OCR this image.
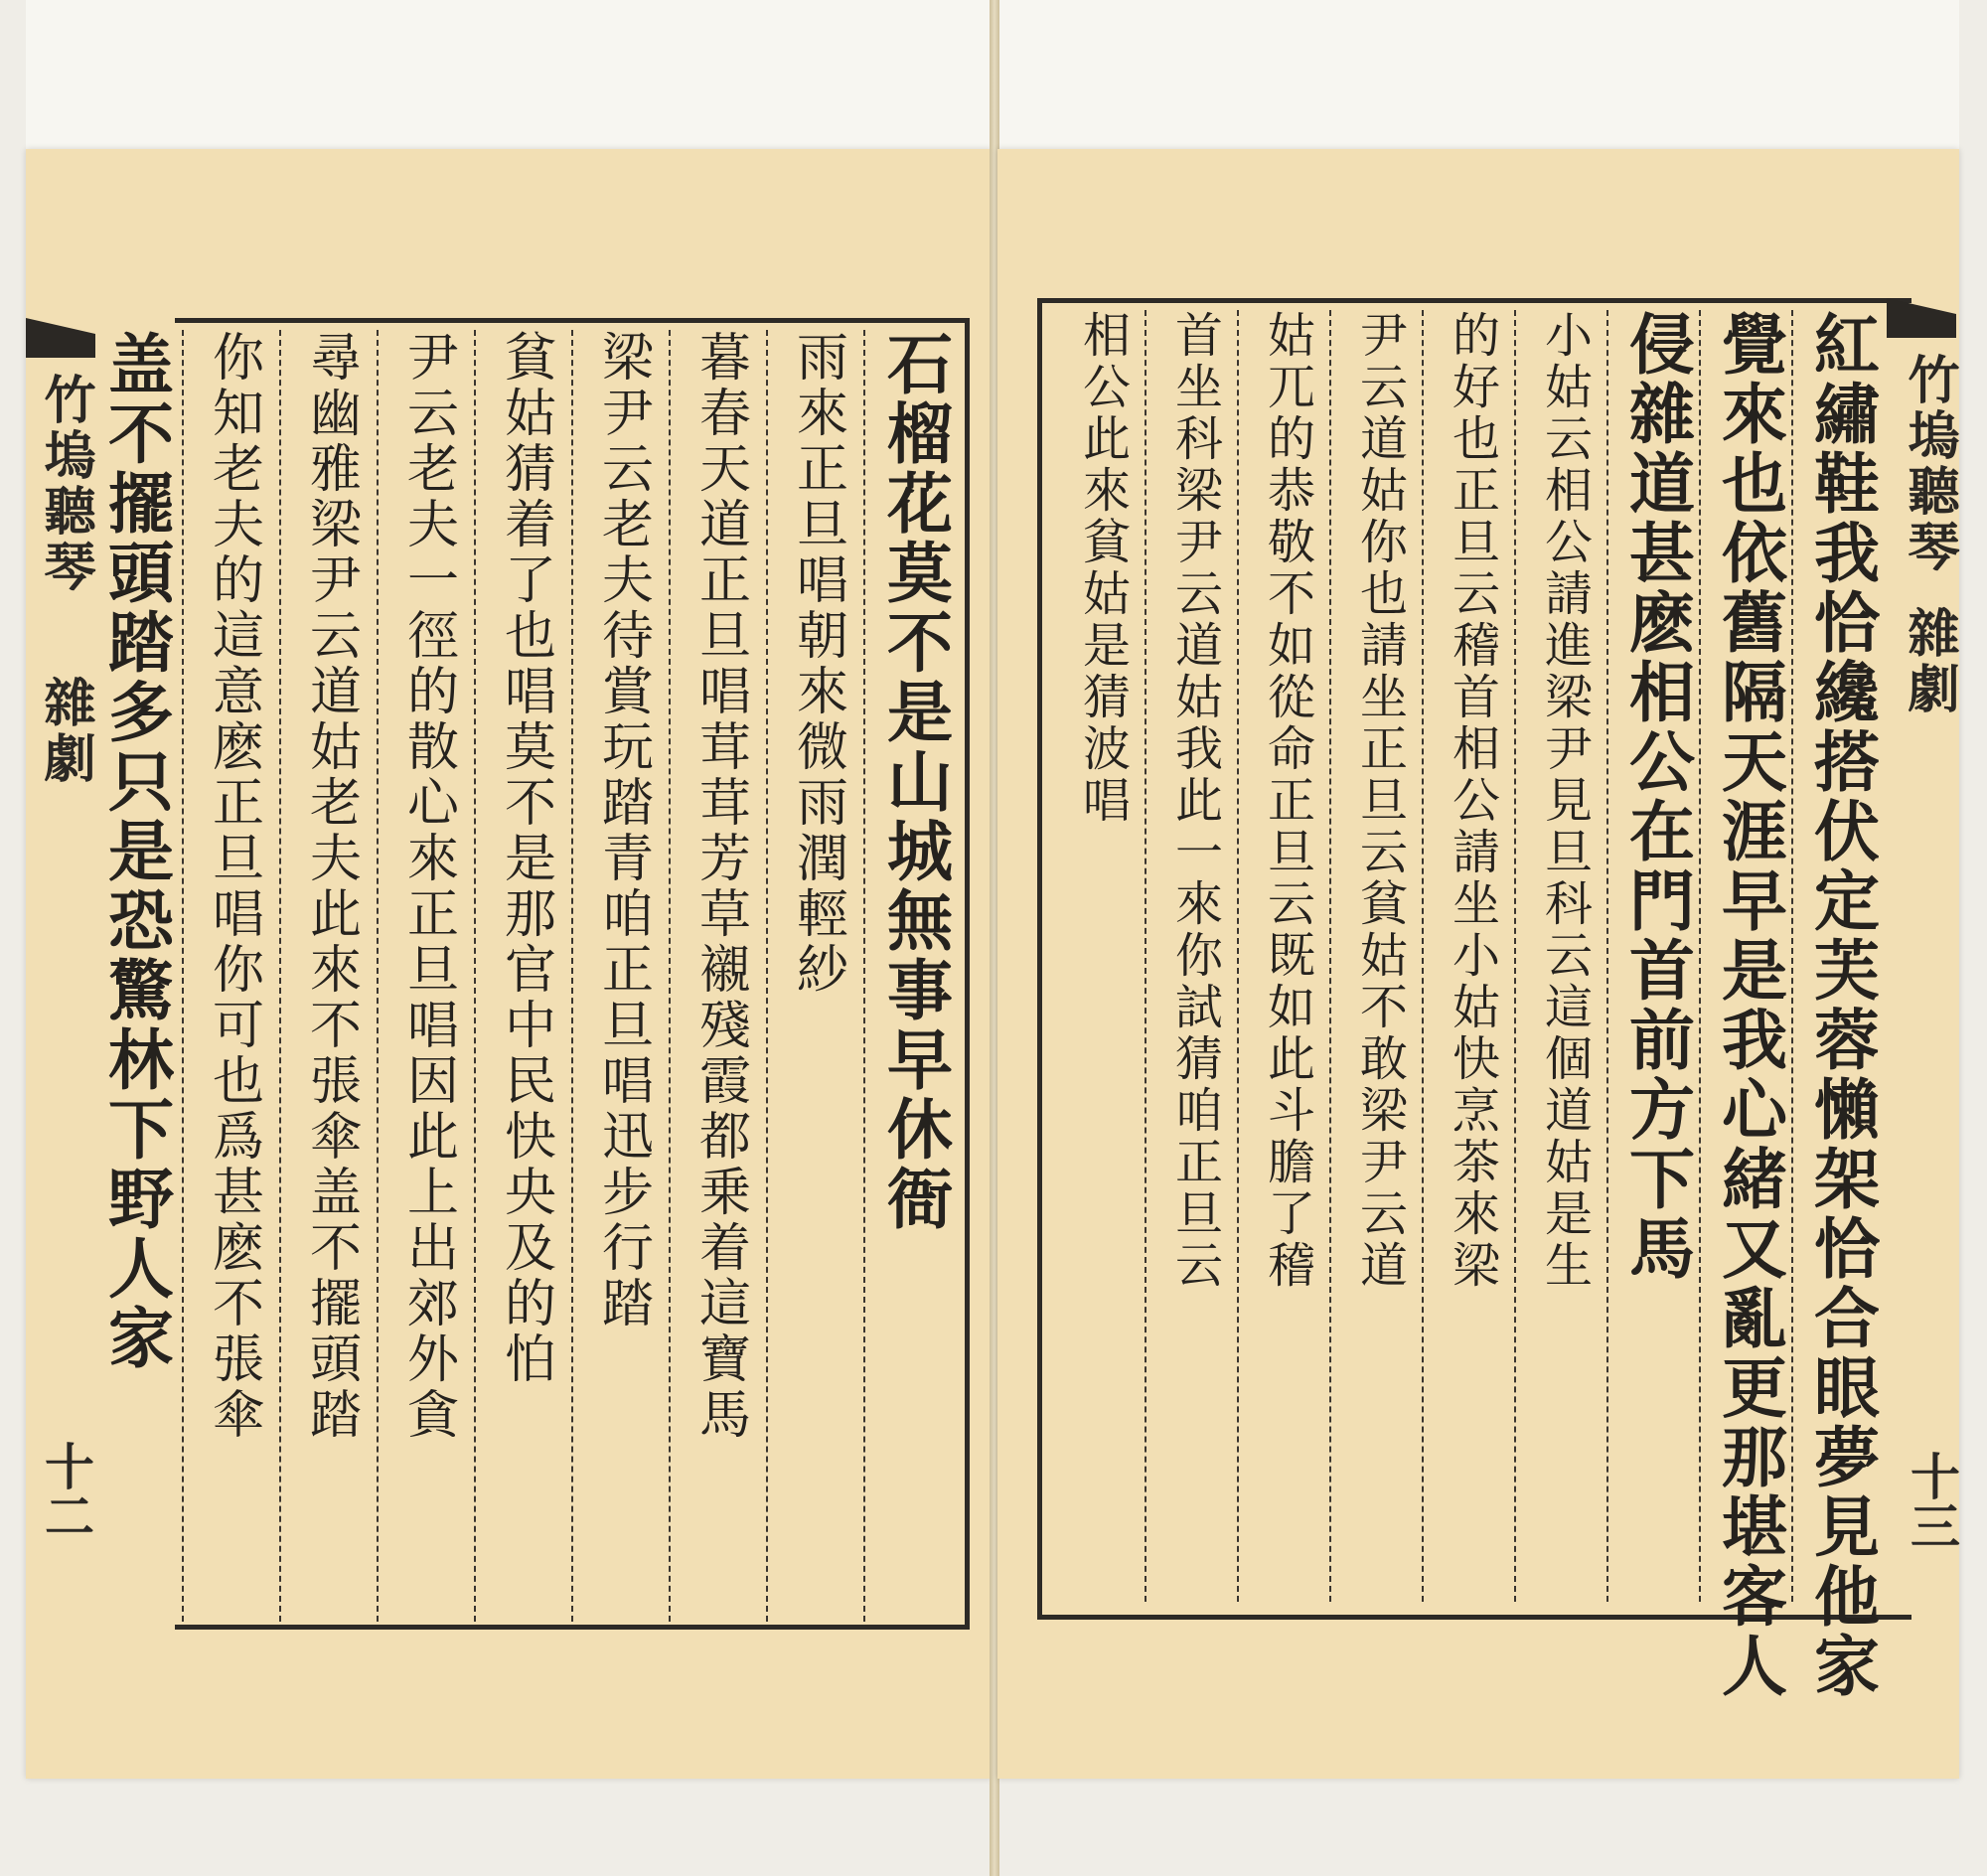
竹塢聽琴
雜劇
十二
石榴花莫不是山城無事早休衙
雨來正旦唱朝來微雨潤輕紗
暮春天道正旦唱茸茸芳草襯殘霞都乗着這寶馬
梁尹云老夫待賞玩踏青咱正旦唱迅步行踏
貧姑猜着了也唱莫不是那官中民快央及的怕
尹云老夫一徑的散心來正旦唱因此上出郊外貪
尋幽雅梁尹云道姑老夫此來不張傘盖不擺頭踏
你知老夫的這意麽正旦唱你可也爲甚麽不張傘
盖不擺頭踏多只是恐驚林下野人家	竹塢聽琴
雜劇
十三
紅繡鞋我恰纔搭伏定芙蓉懶架恰合眼夢見他家
覺來也依舊隔天涯早是我心緒又亂更那堪客人
侵雜道甚麽相公在門首前方下馬
小姑云相公請進梁尹見旦科云這個道姑是生
的好也正旦云稽首相公請坐小姑快烹茶來梁
尹云道姑你也請坐正旦云貧姑不敢梁尹云道
姑兀的恭敬不如從命正旦云既如此斗膽了稽
首坐科梁尹云道姑我此一來你試猜咱正旦云
相公此來貧姑是猜波唱
